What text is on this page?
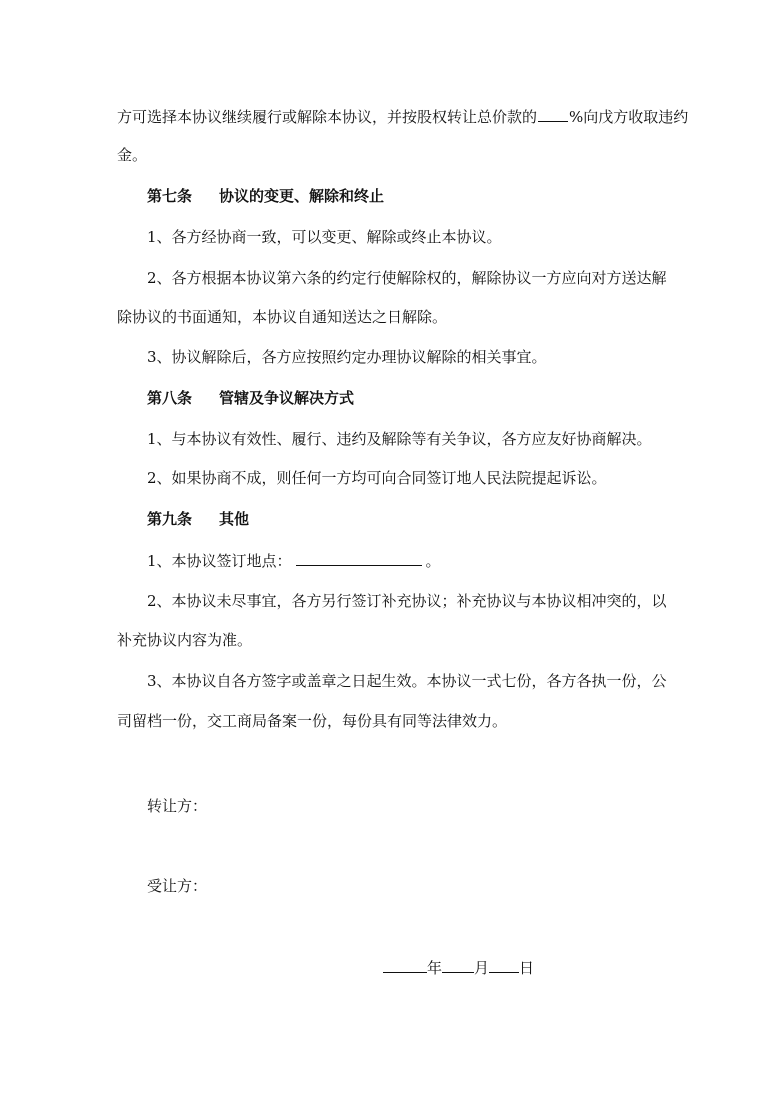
方可选择本协议继续履行或解除本协议，并按股权转让总价款的 %向戊方收取违约
金。
第七条 协议的变更、解除和终止
1、各方经协商一致，可以变更、解除或终止本协议。
2、各方根据本协议第六条的约定行使解除权的，解除协议一方应向对方送达解
除协议的书面通知，本协议自通知送达之日解除。
3、协议解除后，各方应按照约定办理协议解除的相关事宜。
第八条 管辖及争议解决方式
1、与本协议有效性、履行、违约及解除等有关争议，各方应友好协商解决。
2、如果协商不成，则任何一方均可向合同签订地人民法院提起诉讼。
第九条 其他
1、本协议签订地点：	。
2、本协议未尽事宜，各方另行签订补充协议；补充协议与本协议相冲突的，以
补充协议内容为准。
3、本协议自各方签字或盖章之日起生效。本协议一式七份，各方各执一份，公
司留档一份，交工商局备案一份，每份具有同等法律效力。
转让方：
受让方：
年 月 日
